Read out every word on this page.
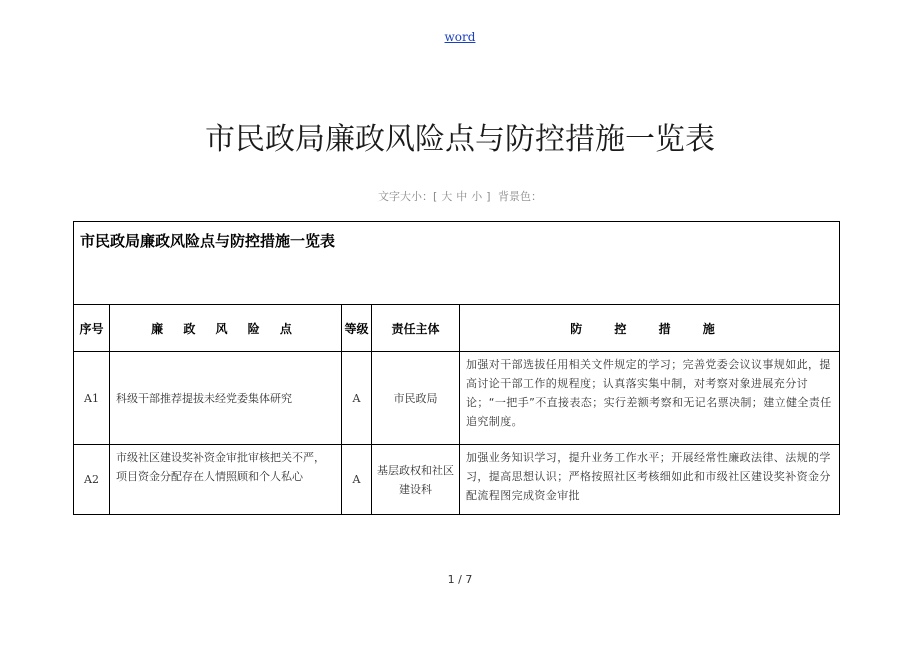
word
市民政局廉政风险点与防控措施一览表
文字大小：[ 大 中 小 ] 背景色：
市民政局廉政风险点与防控措施一览表				
序号	廉 政 风 险 点	等级	责任主体	防 控 措 施
A1	科级干部推荐提拔未经党委集体研究	A	市民政局	加强对干部选拔任用相关文件规定的学习；完善党委会议议事规如此，提高讨论干部工作的规程度；认真落实集中制，对考察对象进展充分讨论；“一把手”不直接表态；实行差额考察和无记名票决制；建立健全责任追究制度。
A2	市级社区建设奖补资金审批审核把关不严，项目资金分配存在人情照顾和个人私心	A	基层政权和社区建设科	加强业务知识学习，提升业务工作水平；开展经常性廉政法律、法规的学习，提高思想认识；严格按照社区考核细如此和市级社区建设奖补资金分配流程图完成资金审批
1 / 7
